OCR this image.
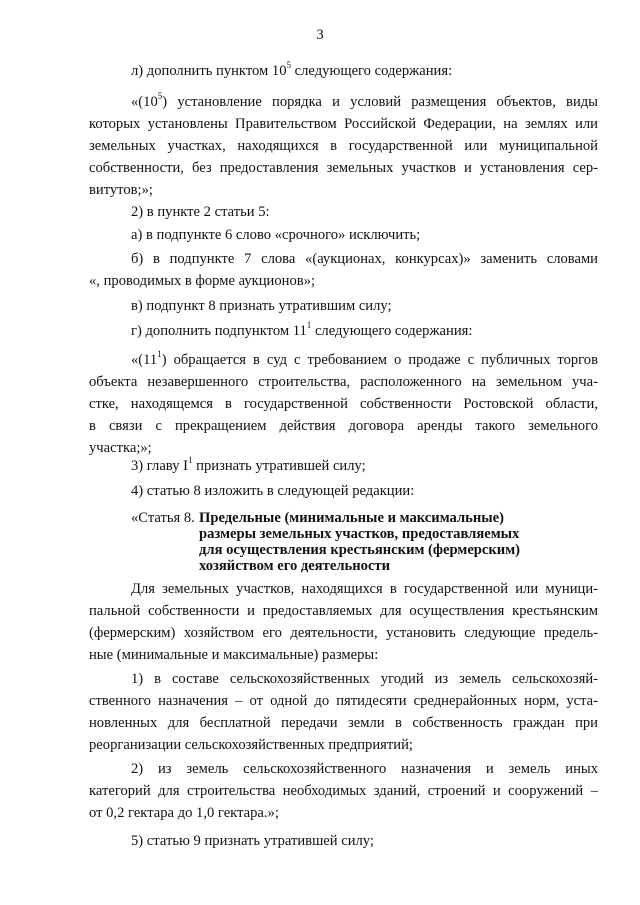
3
л) дополнить пунктом $10^5$ следующего содержания:
«$(10^5)$ установление порядка и условий размещения объектов, виды
которых установлены Правительством Российской Федерации, на землях или
земельных участках, находящихся в государственной или муниципальной
собственности, без предоставления земельных участков и установления сер-
витутов;»;
2) в пункте 2 статьи 5:
а) в подпункте 6 слово «срочного» исключить;
б) в подпункте 7 слова «(аукционах, конкурсах)» заменить словами
«, проводимых в форме аукционов»;
в) подпункт 8 признать утратившим силу;
г) дополнить подпунктом $11^1$ следующего содержания:
«$(11^1)$ обращается в суд с требованием о продаже с публичных торгов
объекта незавершенного строительства, расположенного на земельном уча-
стке, находящемся в государственной собственности Ростовской области,
в связи с прекращением действия договора аренды такого земельного
участка;»;
3) главу $I^1$ признать утратившей силу;
4) статью 8 изложить в следующей редакции:
«Статья 8. Предельные (минимальные и максимальные)
размеры земельных участков, предоставляемых
для осуществления крестьянским (фермерским)
хозяйством его деятельности
Для земельных участков, находящихся в государственной или муници-
пальной собственности и предоставляемых для осуществления крестьянским
(фермерским) хозяйством его деятельности, установить следующие предель-
ные (минимальные и максимальные) размеры:
1) в составе сельскохозяйственных угодий из земель сельскохозяй-
ственного назначения – от одной до пятидесяти среднерайонных норм, уста-
новленных для бесплатной передачи земли в собственность граждан при
реорганизации сельскохозяйственных предприятий;
2) из земель сельскохозяйственного назначения и земель иных
категорий для строительства необходимых зданий, строений и сооружений –
от 0,2 гектара до 1,0 гектара.»;
5) статью 9 признать утратившей силу;
